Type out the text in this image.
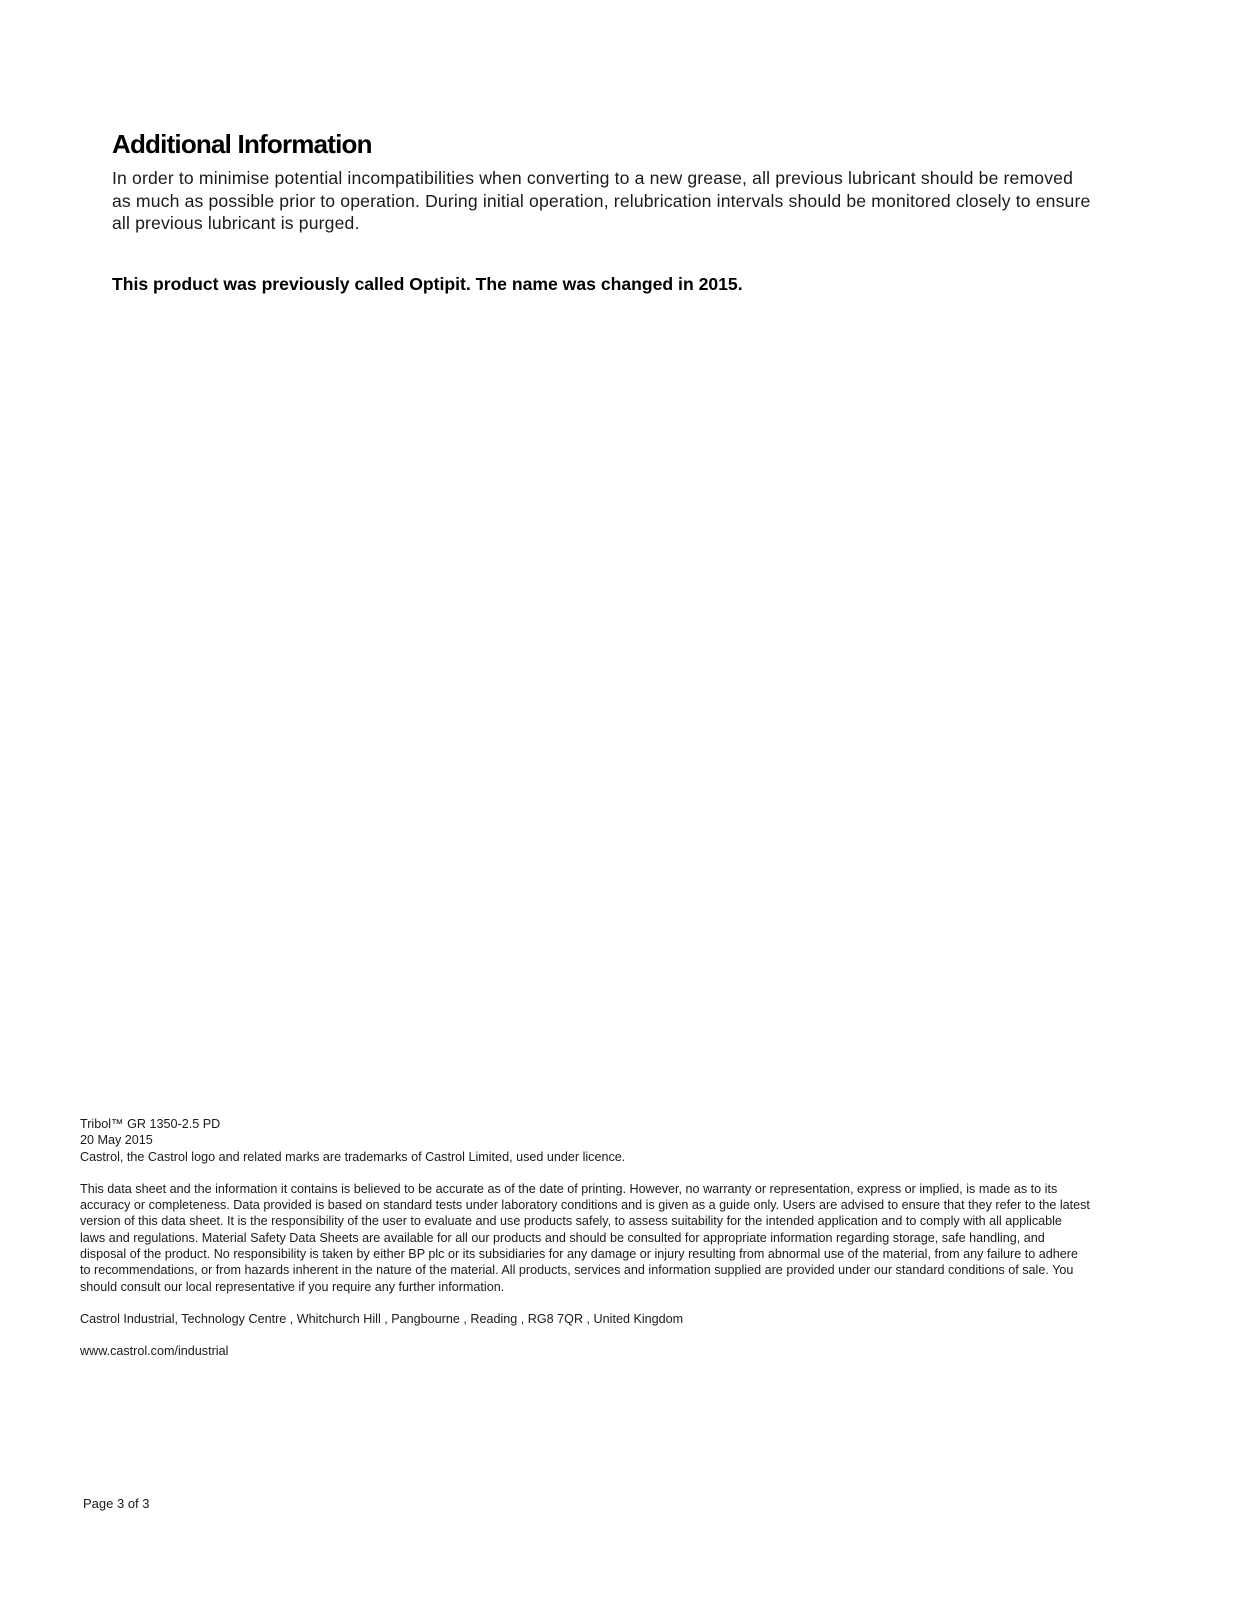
Additional Information

In order to minimise potential incompatibilities when converting to a new grease, all previous lubricant should be removed as much as possible prior to operation. During initial operation, relubrication intervals should be monitored closely to ensure all previous lubricant is purged.

This product was previously called Optipit. The name was changed in 2015.

Tribol™ GR 1350-2.5 PD

20 May 2015

Castrol, the Castrol logo and related marks are trademarks of Castrol Limited, used under licence.

This data sheet and the information it contains is believed to be accurate as of the date of printing. However, no warranty or representation, express or implied, is made as to its accuracy or completeness. Data provided is based on standard tests under laboratory conditions and is given as a guide only. Users are advised to ensure that they refer to the latest version of this data sheet. It is the responsibility of the user to evaluate and use products safely, to assess suitability for the intended application and to comply with all applicable laws and regulations. Material Safety Data Sheets are available for all our products and should be consulted for appropriate information regarding storage, safe handling, and disposal of the product. No responsibility is taken by either BP plc or its subsidiaries for any damage or injury resulting from abnormal use of the material, from any failure to adhere to recommendations, or from hazards inherent in the nature of the material. All products, services and information supplied are provided under our standard conditions of sale. You should consult our local representative if you require any further information.

Castrol Industrial, Technology Centre , Whitchurch Hill , Pangbourne , Reading , RG8 7QR , United Kingdom

www.castrol.com/industrial

Page 3 of 3
